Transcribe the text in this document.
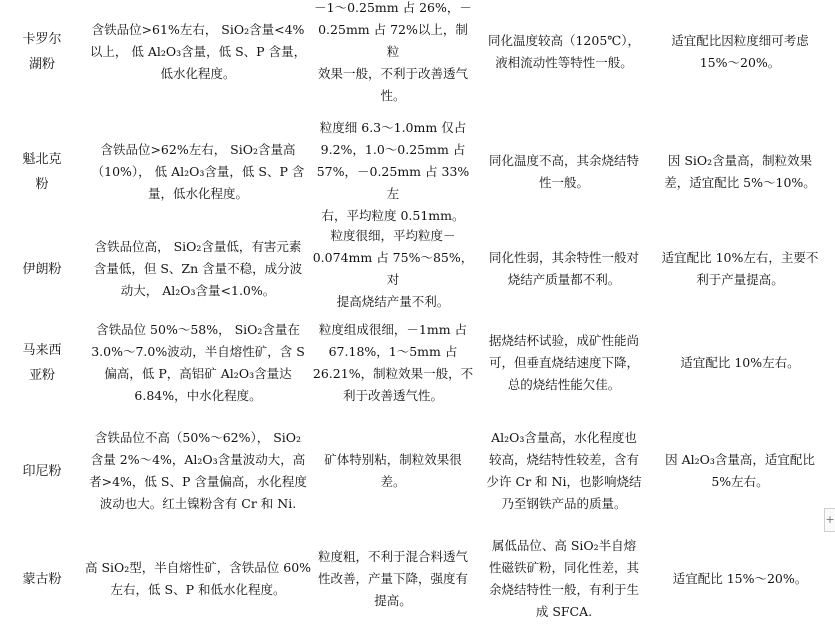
卡罗尔
湖粉
含铁品位>61%左右， SiO₂含量<4%
以上， 低 Al₂O₃含量，低 S、P 含量，
低水化程度。
－1～0.25mm 占 26%，－
0.25mm 占 72%以上，制粒
效果一般，不利于改善透气
性。
同化温度较高（1205℃），
液相流动性等特性一般。
适宜配比因粒度细可考虑
15%～20%。
魁北克
粉
含铁品位>62%左右， SiO₂含量高
（10%）， 低 Al₂O₃含量，低 S、P 含
量，低水化程度。
粒度细 6.3～1.0mm 仅占
9.2%，1.0～0.25mm 占
57%，－0.25mm 占 33%左
右，平均粒度 0.51mm。
同化温度不高，其余烧结特
性一般。
因 SiO₂含量高，制粒效果
差，适宜配比 5%～10%。
伊朗粉
含铁品位高， SiO₂含量低，有害元素
含量低，但 S、Zn 含量不稳，成分波
动大， Al₂O₃含量<1.0%。
粒度很细，平均粒度－
0.074mm 占 75%～85%，对
提高烧结产量不利。
同化性弱，其余特性一般对
烧结产质量都不利。
适宜配比 10%左右，主要不
利于产量提高。
马来西
亚粉
含铁品位 50%～58%， SiO₂含量在
3.0%～7.0%波动，半自熔性矿，含 S
偏高，低 P，高铝矿 Al₂O₃含量达
6.84%，中水化程度。
粒度组成很细，－1mm 占
67.18%，1～5mm 占
26.21%，制粒效果一般，不
利于改善透气性。
据烧结杯试验，成矿性能尚
可，但垂直烧结速度下降，
总的烧结性能欠佳。
适宜配比 10%左右。
印尼粉
含铁品位不高（50%～62%）， SiO₂
含量 2%～4%，Al₂O₃含量波动大，高
者>4%，低 S、P 含量偏高，水化程度
波动也大。红土镍粉含有 Cr 和 Ni.
矿体特别粘，制粒效果很
差。
Al₂O₃含量高，水化程度也
较高，烧结特性较差，含有
少许 Cr 和 Ni，也影响烧结
乃至钢铁产品的质量。
因 Al₂O₃含量高，适宜配比
5%左右。
蒙古粉
高 SiO₂型，半自熔性矿，含铁品位 60%
左右，低 S、P 和低水化程度。
粒度粗，不利于混合料透气
性改善，产量下降，强度有
提高。
属低品位、高 SiO₂半自熔
性磁铁矿粉，同化性差，其
余烧结特性一般，有利于生
成 SFCA.
适宜配比 15%～20%。
+
